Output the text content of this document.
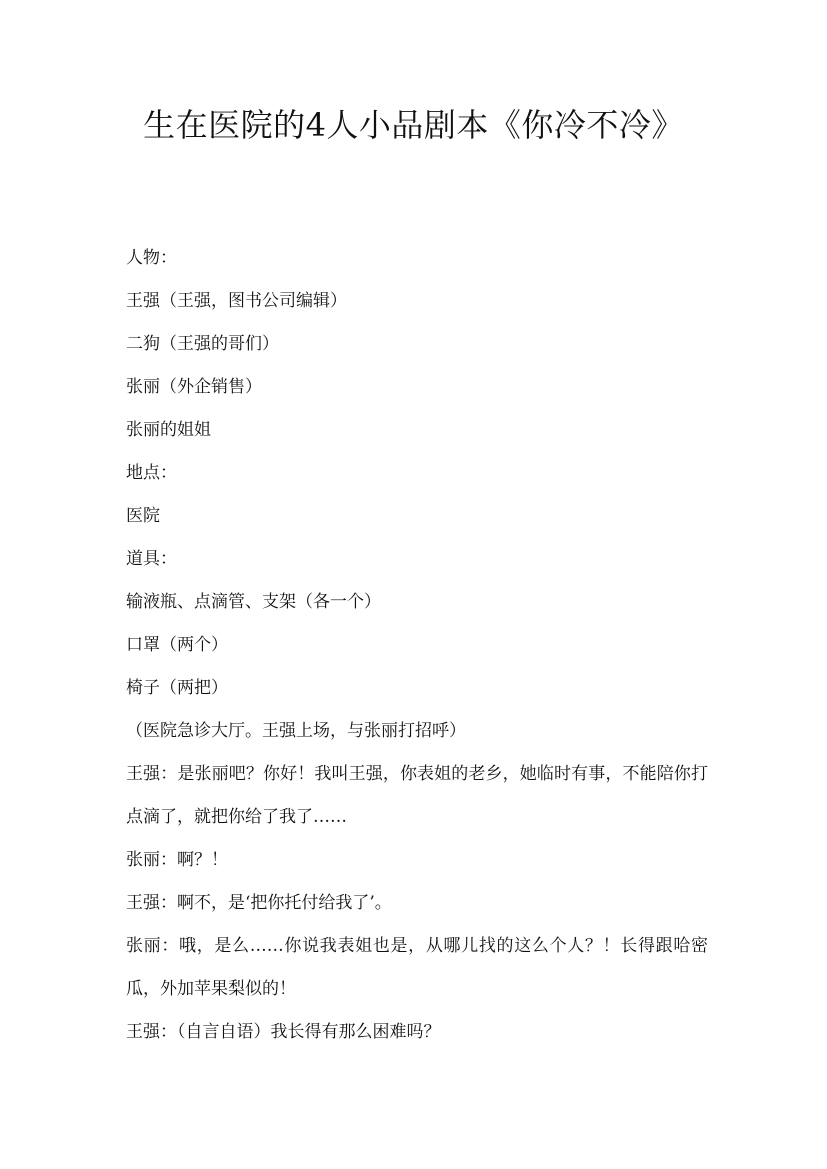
生在医院的4人小品剧本《你冷不冷》

人物：

王强（王强，图书公司编辑）

二狗（王强的哥们）

张丽（外企销售）

张丽的姐姐

地点：

医院

道具：

输液瓶、点滴管、支架（各一个）

口罩（两个）

椅子（两把）

（医院急诊大厅。王强上场，与张丽打招呼）

王强：是张丽吧？你好！我叫王强，你表姐的老乡，她临时有事，不能陪你打点滴了，就把你给了我了……

张丽：啊？！

王强：啊不，是‘把你托付给我了’。

张丽：哦，是么……你说我表姐也是，从哪儿找的这么个人？！长得跟哈密瓜，外加苹果梨似的！

王强：（自言自语）我长得有那么困难吗？
